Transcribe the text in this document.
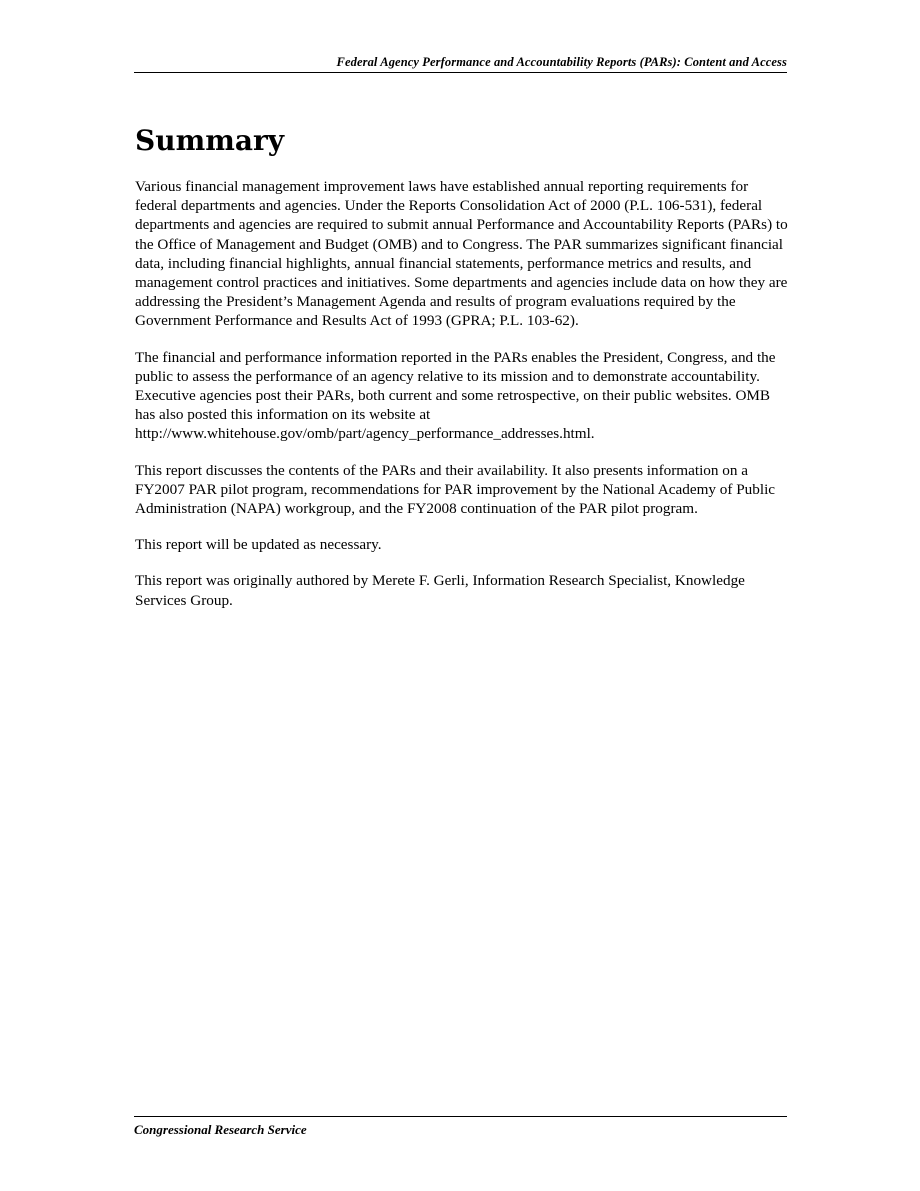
Federal Agency Performance and Accountability Reports (PARs): Content and Access
Summary

Various financial management improvement laws have established annual reporting requirements for federal departments and agencies. Under the Reports Consolidation Act of 2000 (P.L. 106-531), federal departments and agencies are required to submit annual Performance and Accountability Reports (PARs) to the Office of Management and Budget (OMB) and to Congress. The PAR summarizes significant financial data, including financial highlights, annual financial statements, performance metrics and results, and management control practices and initiatives. Some departments and agencies include data on how they are addressing the President’s Management Agenda and results of program evaluations required by the Government Performance and Results Act of 1993 (GPRA; P.L. 103-62).

The financial and performance information reported in the PARs enables the President, Congress, and the public to assess the performance of an agency relative to its mission and to demonstrate accountability. Executive agencies post their PARs, both current and some retrospective, on their public websites. OMB has also posted this information on its website at http://www.whitehouse.gov/omb/part/agency_performance_addresses.html.

This report discusses the contents of the PARs and their availability. It also presents information on a FY2007 PAR pilot program, recommendations for PAR improvement by the National Academy of Public Administration (NAPA) workgroup, and the FY2008 continuation of the PAR pilot program.

This report will be updated as necessary.

This report was originally authored by Merete F. Gerli, Information Research Specialist, Knowledge Services Group.

Congressional Research Service
